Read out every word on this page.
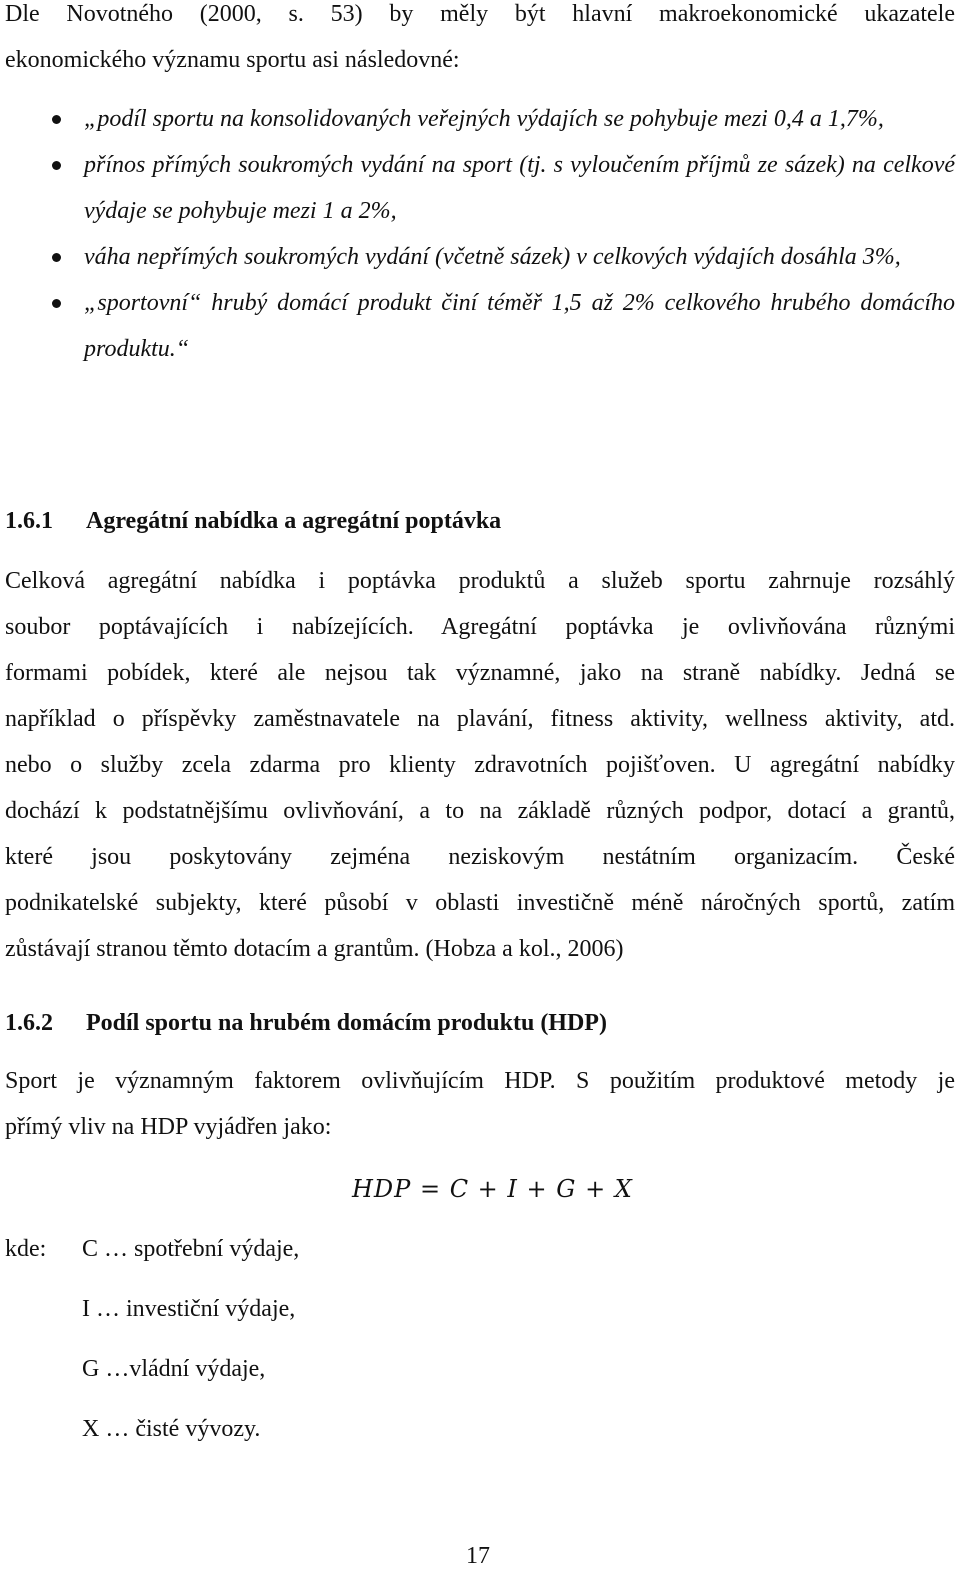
Dle Novotného (2000, s. 53) by měly být hlavní makroekonomické ukazatele
ekonomického významu sportu asi následovné:
„podíl sportu na konsolidovaných veřejných výdajích se pohybuje mezi 0,4 a 1,7%,
přínos přímých soukromých vydání na sport (tj. s vyloučením příjmů ze sázek) na celkové výdaje se pohybuje mezi 1 a 2%,
váha nepřímých soukromých vydání (včetně sázek) v celkových výdajích dosáhla 3%,
„sportovní“ hrubý domácí produkt činí téměř 1,5 až 2% celkového hrubého domácího produktu.“
1.6.1 Agregátní nabídka a agregátní poptávka
Celková agregátní nabídka i poptávka produktů a služeb sportu zahrnuje rozsáhlý
soubor poptávajících i nabízejících. Agregátní poptávka je ovlivňována různými
formami pobídek, které ale nejsou tak významné, jako na straně nabídky. Jedná se
například o příspěvky zaměstnavatele na plavání, fitness aktivity, wellness aktivity, atd.
nebo o služby zcela zdarma pro klienty zdravotních pojišťoven. U agregátní nabídky
dochází k podstatnějšímu ovlivňování, a to na základě různých podpor, dotací a grantů,
které jsou poskytovány zejména neziskovým nestátním organizacím. České
podnikatelské subjekty, které působí v oblasti investičně méně náročných sportů, zatím
zůstávají stranou těmto dotacím a grantům. (Hobza a kol., 2006)
1.6.2 Podíl sportu na hrubém domácím produktu (HDP)
Sport je významným faktorem ovlivňujícím HDP. S použitím produktové metody je
přímý vliv na HDP vyjádřen jako:
HDP = C + I + G + X
kde: C … spotřební výdaje,
I … investiční výdaje,
G …vládní výdaje,
X … čisté vývozy.
17
